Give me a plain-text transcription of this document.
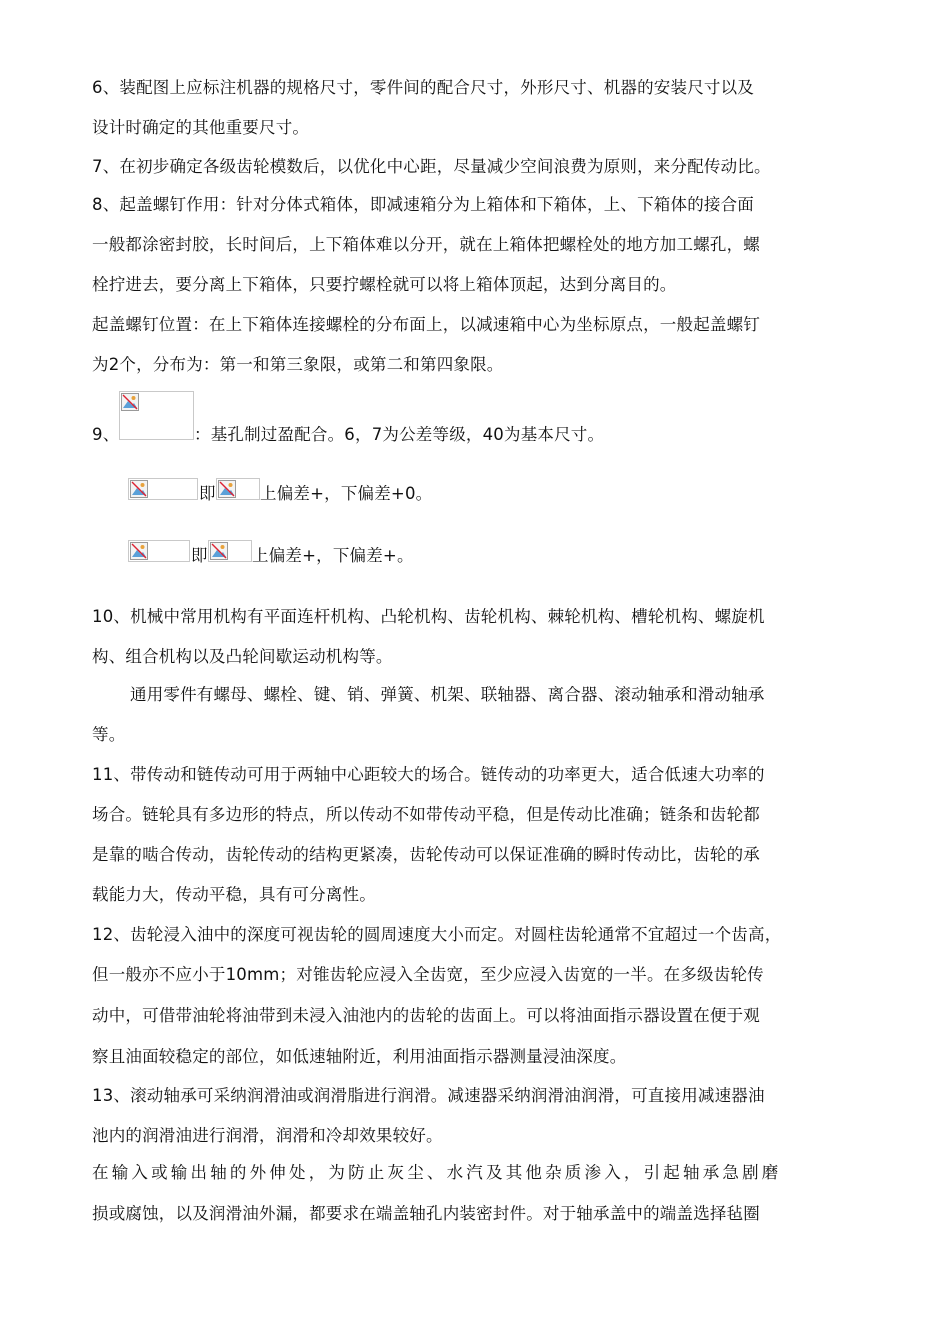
6、装配图上应标注机器的规格尺寸，零件间的配合尺寸，外形尺寸、机器的安装尺寸以及
设计时确定的其他重要尺寸。
7、在初步确定各级齿轮模数后，以优化中心距，尽量减少空间浪费为原则，来分配传动比。
8、起盖螺钉作用：针对分体式箱体，即减速箱分为上箱体和下箱体，上、下箱体的接合面
一般都涂密封胶，长时间后，上下箱体难以分开，就在上箱体把螺栓处的地方加工螺孔，螺
栓拧进去，要分离上下箱体，只要拧螺栓就可以将上箱体顶起，达到分离目的。
起盖螺钉位置：在上下箱体连接螺栓的分布面上，以减速箱中心为坐标原点，一般起盖螺钉
为2个，分布为：第一和第三象限，或第二和第四象限。
9、	：基孔制过盈配合。6，7为公差等级，40为基本尺寸。
即	上偏差+，下偏差+0。
即	上偏差+，下偏差+。
10、机械中常用机构有平面连杆机构、凸轮机构、齿轮机构、棘轮机构、槽轮机构、螺旋机
构、组合机构以及凸轮间歇运动机构等。
通用零件有螺母、螺栓、键、销、弹簧、机架、联轴器、离合器、滚动轴承和滑动轴承
等。
11、带传动和链传动可用于两轴中心距较大的场合。链传动的功率更大，适合低速大功率的
场合。链轮具有多边形的特点，所以传动不如带传动平稳，但是传动比准确；链条和齿轮都
是靠的啮合传动，齿轮传动的结构更紧凑，齿轮传动可以保证准确的瞬时传动比，齿轮的承
载能力大，传动平稳，具有可分离性。
12、齿轮浸入油中的深度可视齿轮的圆周速度大小而定。对圆柱齿轮通常不宜超过一个齿高，
但一般亦不应小于10mm；对锥齿轮应浸入全齿宽，至少应浸入齿宽的一半。在多级齿轮传
动中，可借带油轮将油带到未浸入油池内的齿轮的齿面上。可以将油面指示器设置在便于观
察且油面较稳定的部位，如低速轴附近，利用油面指示器测量浸油深度。
13、滚动轴承可采纳润滑油或润滑脂进行润滑。减速器采纳润滑油润滑，可直接用减速器油
池内的润滑油进行润滑，润滑和冷却效果较好。
在输入或输出轴的外伸处，为防止灰尘、水汽及其他杂质渗入，引起轴承急剧磨
损或腐蚀，以及润滑油外漏，都要求在端盖轴孔内装密封件。对于轴承盖中的端盖选择毡圈
